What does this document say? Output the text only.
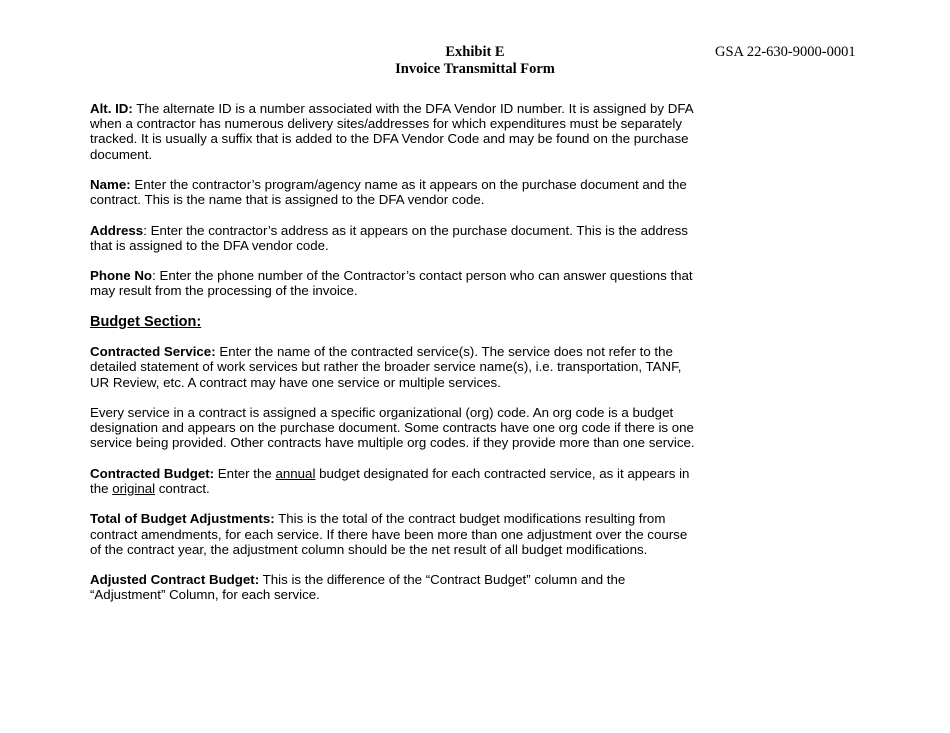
Exhibit E
Invoice Transmittal Form
GSA 22-630-9000-0001

Alt. ID: The alternate ID is a number associated with the DFA Vendor ID number. It is assigned by DFA when a contractor has numerous delivery sites/addresses for which expenditures must be separately tracked. It is usually a suffix that is added to the DFA Vendor Code and may be found on the purchase document.

Name: Enter the contractor’s program/agency name as it appears on the purchase document and the contract. This is the name that is assigned to the DFA vendor code.

Address: Enter the contractor’s address as it appears on the purchase document. This is the address that is assigned to the DFA vendor code.

Phone No: Enter the phone number of the Contractor’s contact person who can answer questions that may result from the processing of the invoice.

Budget Section:

Contracted Service: Enter the name of the contracted service(s). The service does not refer to the detailed statement of work services but rather the broader service name(s), i.e. transportation, TANF, UR Review, etc. A contract may have one service or multiple services.

Every service in a contract is assigned a specific organizational (org) code. An org code is a budget designation and appears on the purchase document. Some contracts have one org code if there is one service being provided. Other contracts have multiple org codes. if they provide more than one service.

Contracted Budget: Enter the annual budget designated for each contracted service, as it appears in the original contract.

Total of Budget Adjustments: This is the total of the contract budget modifications resulting from contract amendments, for each service. If there have been more than one adjustment over the course of the contract year, the adjustment column should be the net result of all budget modifications.

Adjusted Contract Budget: This is the difference of the “Contract Budget” column and the “Adjustment” Column, for each service.
